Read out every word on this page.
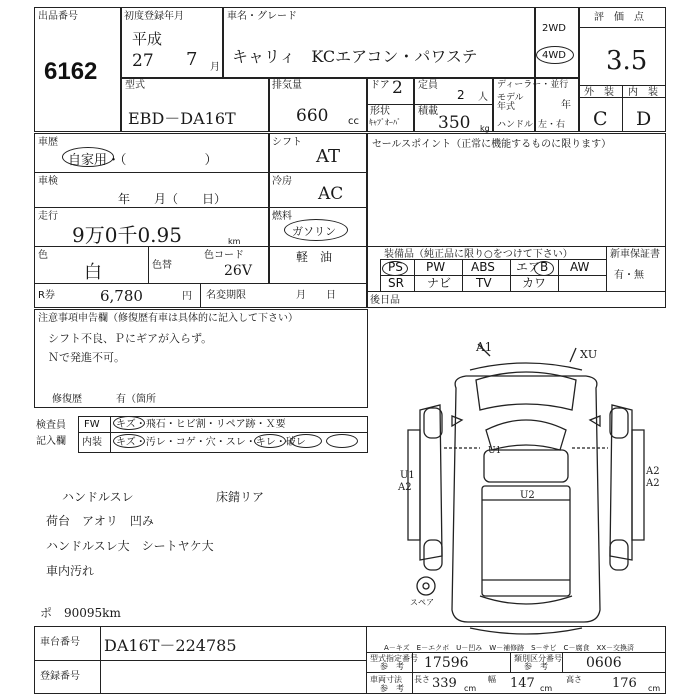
出品番号
6162
初度登録年月
平成
27 7 月
車名・グレード
キャリィ　KCエアコン・パワステ
2WD
4WD
評　価　点
3.5
外　装 内　装
C D
型式
EBD－DA16T
排気量
660 cc
ドア 2 定員
2 人
形状
ｷｬﾌﾞｵｰﾊﾞ
積載
350 kg
ディーラー・並行
モデル年式	年
ハンドル 左・右
車歴
自家用・（　　　　　　）
シフト
AT
セールスポイント（正常に機能するものに限ります）
車検
年　　月（　　日）
冷房
AC
走行
9万0千0.95	km
燃料
ガソリン
軽　油
色
白	色替
色コード
26V
装備品（純正品に限り○をつけて下さい）	新車保証書
有・無
PS PW ABS エアB AW
SR ナビ TV	カワ
後日品
R券	6,780	円 名変期限	月　　日
注意事項申告欄（修復歴有車は具体的に記入して下さい）
シフト不良、Ｐにギアが入らず。
Ｎで発進不可。
修復歴	有（箇所
検査員
記入欄
FW キズ・飛石・ヒビ割・リペア跡・Ｘ要
内装 キズ・汚レ・コゲ・穴・スレ・キレ・破レ
ハンドルスレ	床錆リア
荷台　アオリ　凹み
ハンドルスレ大　シートヤケ大
車内汚れ
ポ　90095km
A1
XU
U1
U1
A2
U2
A2
A2
スペア
A－キズ　E－エクボ　U－凹み　W－補修跡　S－サビ　C－腐食　XX－交換済
車台番号 DA16T－224785
登録番号
型式指定番号
参　考 17596	類別区分番号
参　考	0606
車両寸法
参　考
長さ 339 cm
幅 147 cm
高さ 176 cm
